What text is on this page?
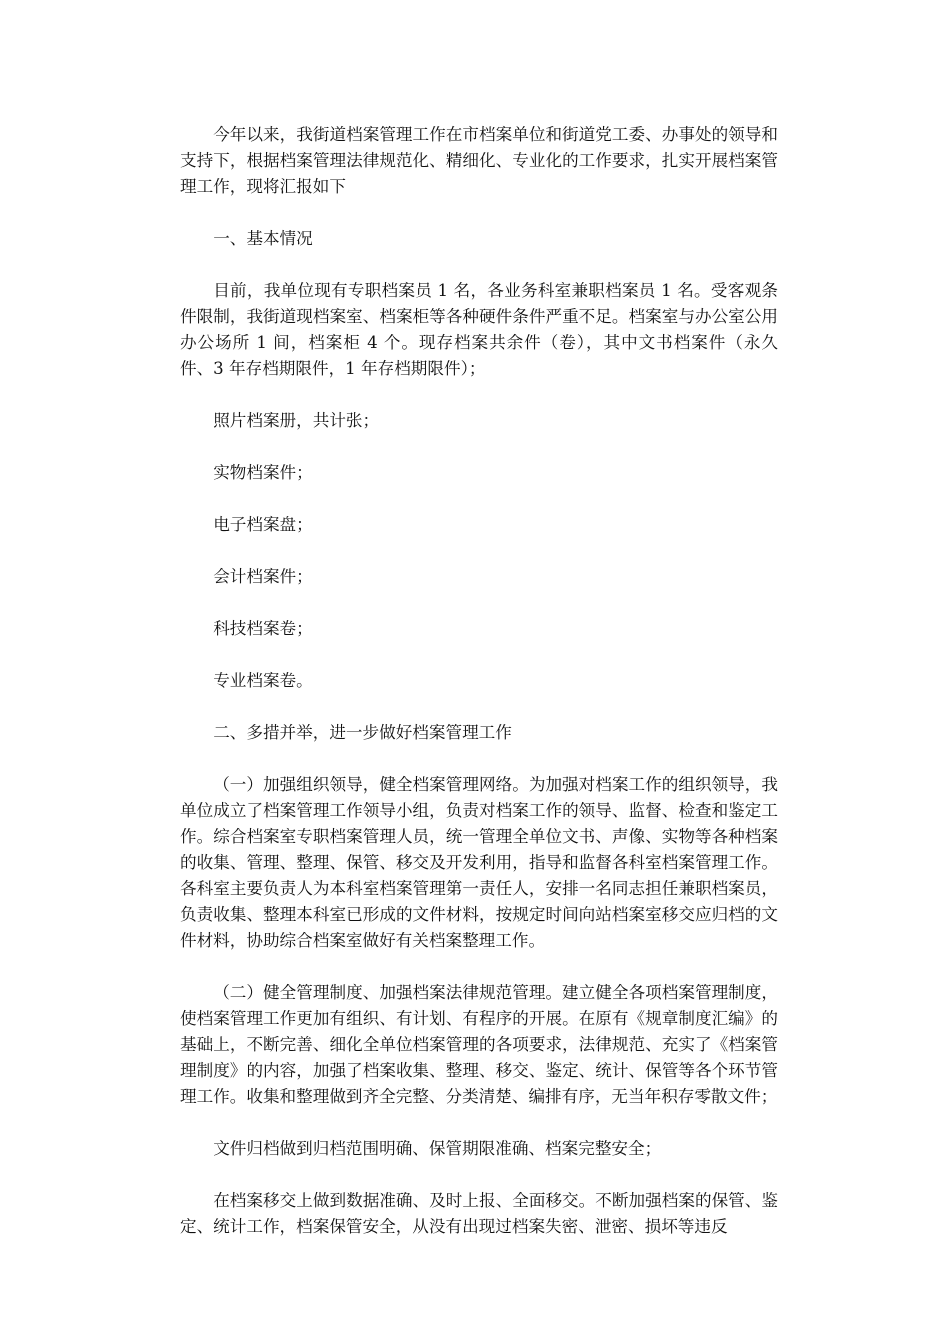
今年以来，我街道档案管理工作在市档案单位和街道党工委、办事处的领导和支持下，根据档案管理法律规范化、精细化、专业化的工作要求，扎实开展档案管理工作，现将汇报如下

一、基本情况

目前，我单位现有专职档案员 1 名，各业务科室兼职档案员 1 名。受客观条件限制，我街道现档案室、档案柜等各种硬件条件严重不足。档案室与办公室公用办公场所 1 间，档案柜 4 个。现存档案共余件（卷），其中文书档案件（永久件、3 年存档期限件，1 年存档期限件）；

照片档案册，共计张；

实物档案件；

电子档案盘；

会计档案件；

科技档案卷；

专业档案卷。

二、多措并举，进一步做好档案管理工作

（一）加强组织领导，健全档案管理网络。为加强对档案工作的组织领导，我单位成立了档案管理工作领导小组，负责对档案工作的领导、监督、检查和鉴定工作。综合档案室专职档案管理人员，统一管理全单位文书、声像、实物等各种档案的收集、管理、整理、保管、移交及开发利用，指导和监督各科室档案管理工作。各科室主要负责人为本科室档案管理第一责任人，安排一名同志担任兼职档案员，负责收集、整理本科室已形成的文件材料，按规定时间向站档案室移交应归档的文件材料，协助综合档案室做好有关档案整理工作。

（二）健全管理制度、加强档案法律规范管理。建立健全各项档案管理制度，使档案管理工作更加有组织、有计划、有程序的开展。在原有《规章制度汇编》的基础上，不断完善、细化全单位档案管理的各项要求，法律规范、充实了《档案管理制度》的内容，加强了档案收集、整理、移交、鉴定、统计、保管等各个环节管理工作。收集和整理做到齐全完整、分类清楚、编排有序，无当年积存零散文件；

文件归档做到归档范围明确、保管期限准确、档案完整安全；

在档案移交上做到数据准确、及时上报、全面移交。不断加强档案的保管、鉴定、统计工作，档案保管安全，从没有出现过档案失密、泄密、损坏等违反
